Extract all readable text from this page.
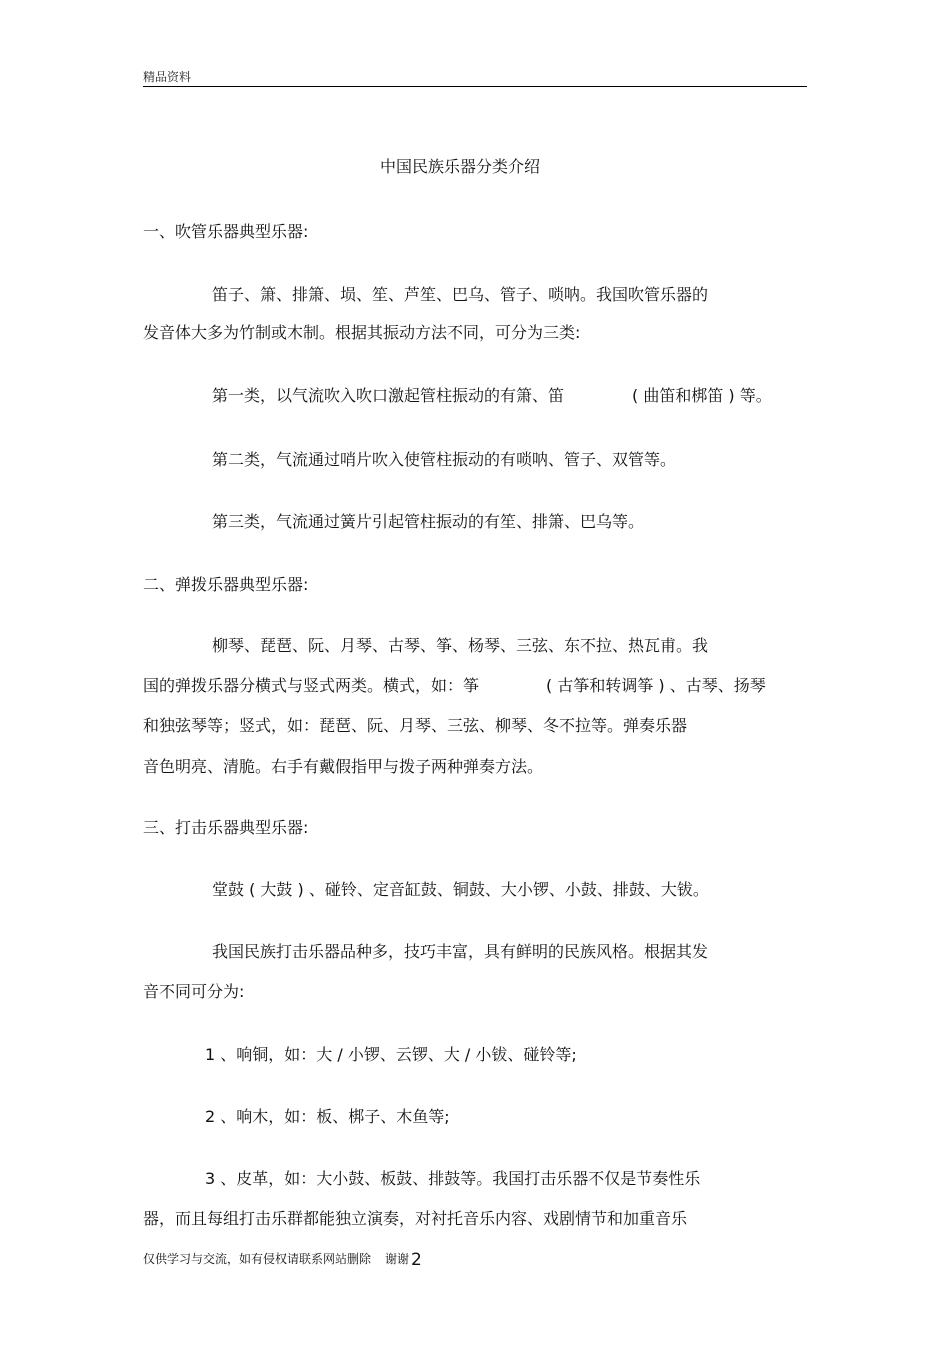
精品资料
中国民族乐器分类介绍
一、吹管乐器典型乐器:
笛子、箫、排箫、埙、笙、芦笙、巴乌、管子、唢呐。我国吹管乐器的
发音体大多为竹制或木制。根据其振动方法不同，可分为三类:
第一类，以气流吹入吹口激起管柱振动的有箫、笛	( 曲笛和梆笛 ) 等。
第二类，气流通过哨片吹入使管柱振动的有唢呐、管子、双管等。
第三类，气流通过簧片引起管柱振动的有笙、排箫、巴乌等。
二、弹拨乐器典型乐器:
柳琴、琵琶、阮、月琴、古琴、筝、杨琴、三弦、东不拉、热瓦甫。我
国的弹拨乐器分横式与竖式两类。横式，如：筝	( 古筝和转调筝 ) 、古琴、扬琴
和独弦琴等；竖式，如：琵琶、阮、月琴、三弦、柳琴、冬不拉等。弹奏乐器
音色明亮、清脆。右手有戴假指甲与拨子两种弹奏方法。
三、打击乐器典型乐器:
堂鼓 ( 大鼓 ) 、碰铃、定音缸鼓、铜鼓、大小锣、小鼓、排鼓、大钹。
我国民族打击乐器品种多，技巧丰富，具有鲜明的民族风格。根据其发
音不同可分为:
1 、响铜，如：大 / 小锣、云锣、大 / 小钹、碰铃等;
2 、响木，如：板、梆子、木鱼等;
3 、皮革，如：大小鼓、板鼓、排鼓等。我国打击乐器不仅是节奏性乐
器，而且每组打击乐群都能独立演奏，对衬托音乐内容、戏剧情节和加重音乐
仅供学习与交流，如有侵权请联系网站删除 谢谢 2
